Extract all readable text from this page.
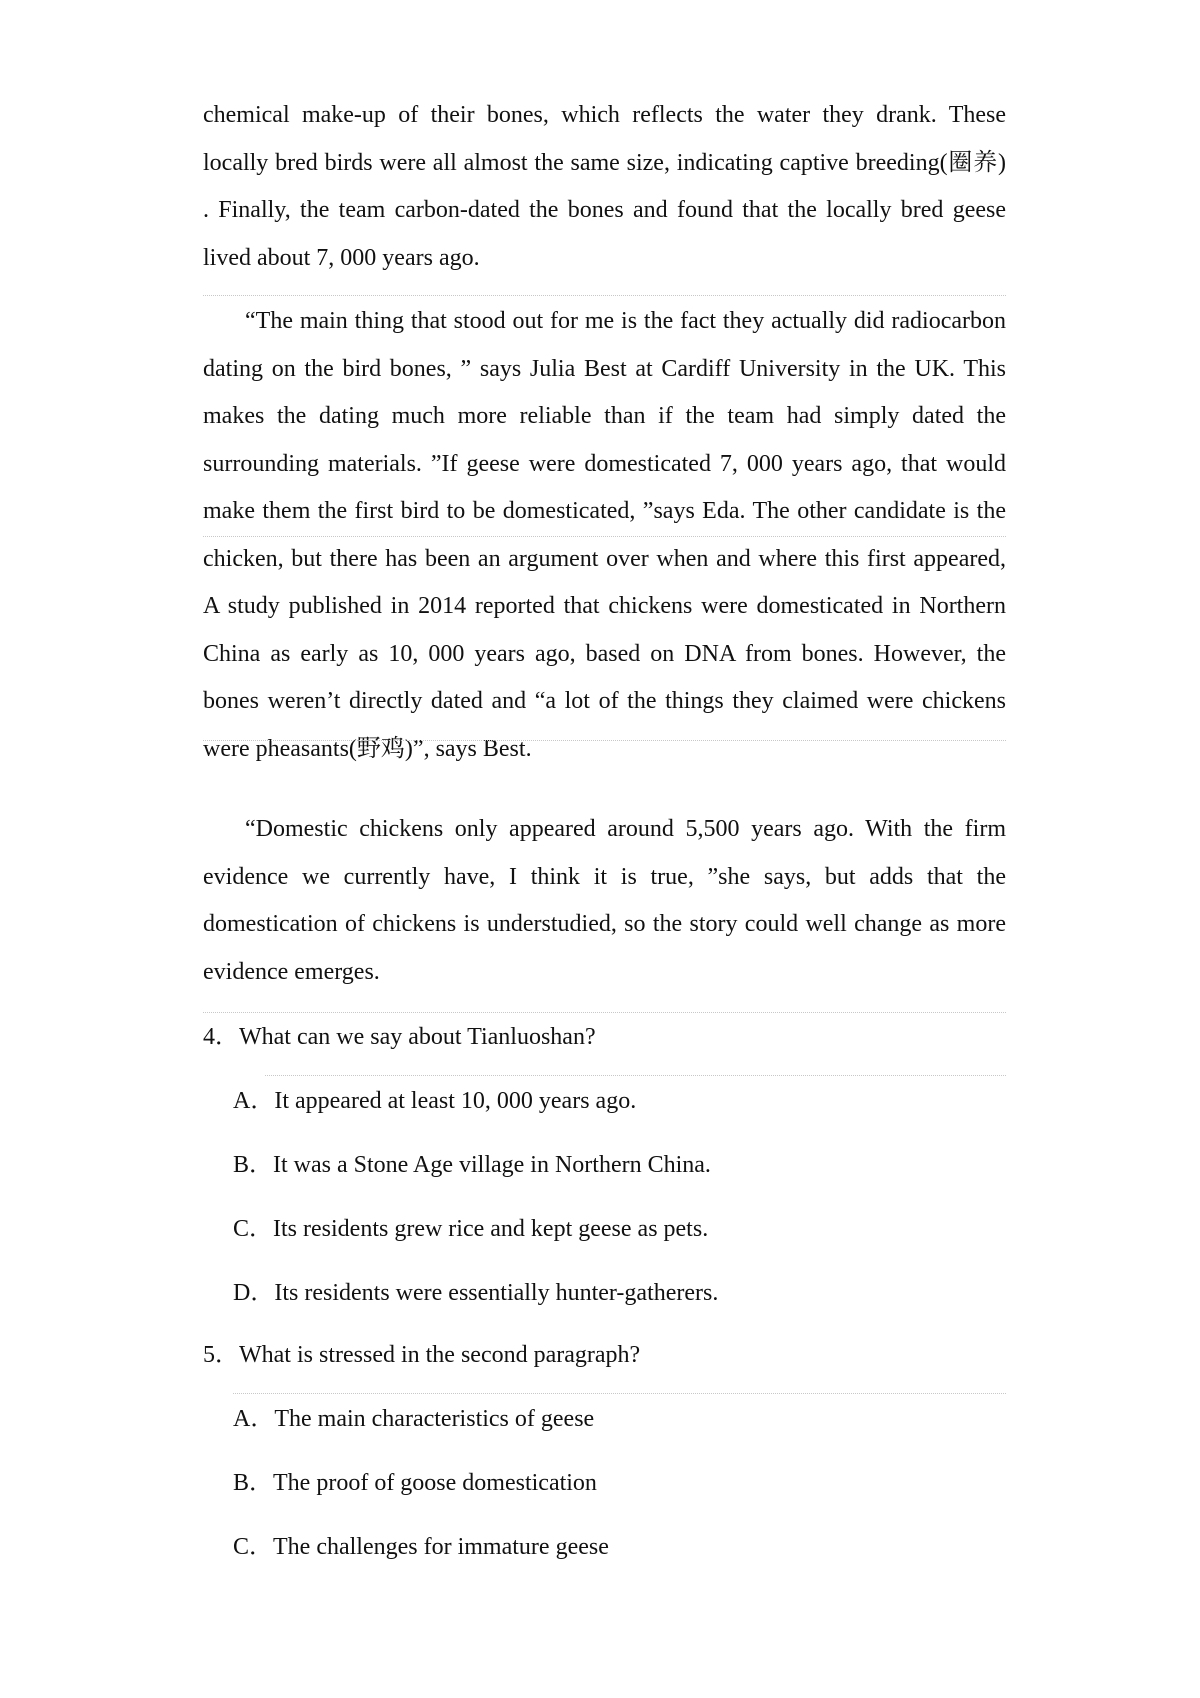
chemical make-up of their bones, which reflects the water they drank. These locally bred birds were all almost the same size, indicating captive breeding(圈养) . Finally, the team carbon-dated the bones and found that the locally bred geese lived about 7, 000 years ago.

“The main thing that stood out for me is the fact they actually did radiocarbon dating on the bird bones, ” says Julia Best at Cardiff University in the UK. This makes the dating much more reliable than if the team had simply dated the surrounding materials. ”If geese were domesticated 7, 000 years ago, that would make them the first bird to be domesticated, ”says Eda. The other candidate is the chicken, but there has been an argument over when and where this first appeared,　　A study published in 2014 reported that chickens were domesticated in Northern China as early as 10, 000 years ago, based on DNA from bones. However, the bones weren’t directly dated and “a lot of the things they claimed were chickens were pheasants(野鸡)”, says Best.

“Domestic chickens only appeared around 5,500 years ago. With the firm evidence we currently have, I think it is true, ”she says, but adds that the domestication of chickens is understudied, so the story could well change as more evidence emerges.

4．What can we say about Tianluoshan?
A．It appeared at least 10, 000 years ago.
B．It was a Stone Age village in Northern China.
C．Its residents grew rice and kept geese as pets.
D．Its residents were essentially hunter-gatherers.
5．What is stressed in the second paragraph?
A．The main characteristics of geese
B．The proof of goose domestication
C．The challenges for immature geese
